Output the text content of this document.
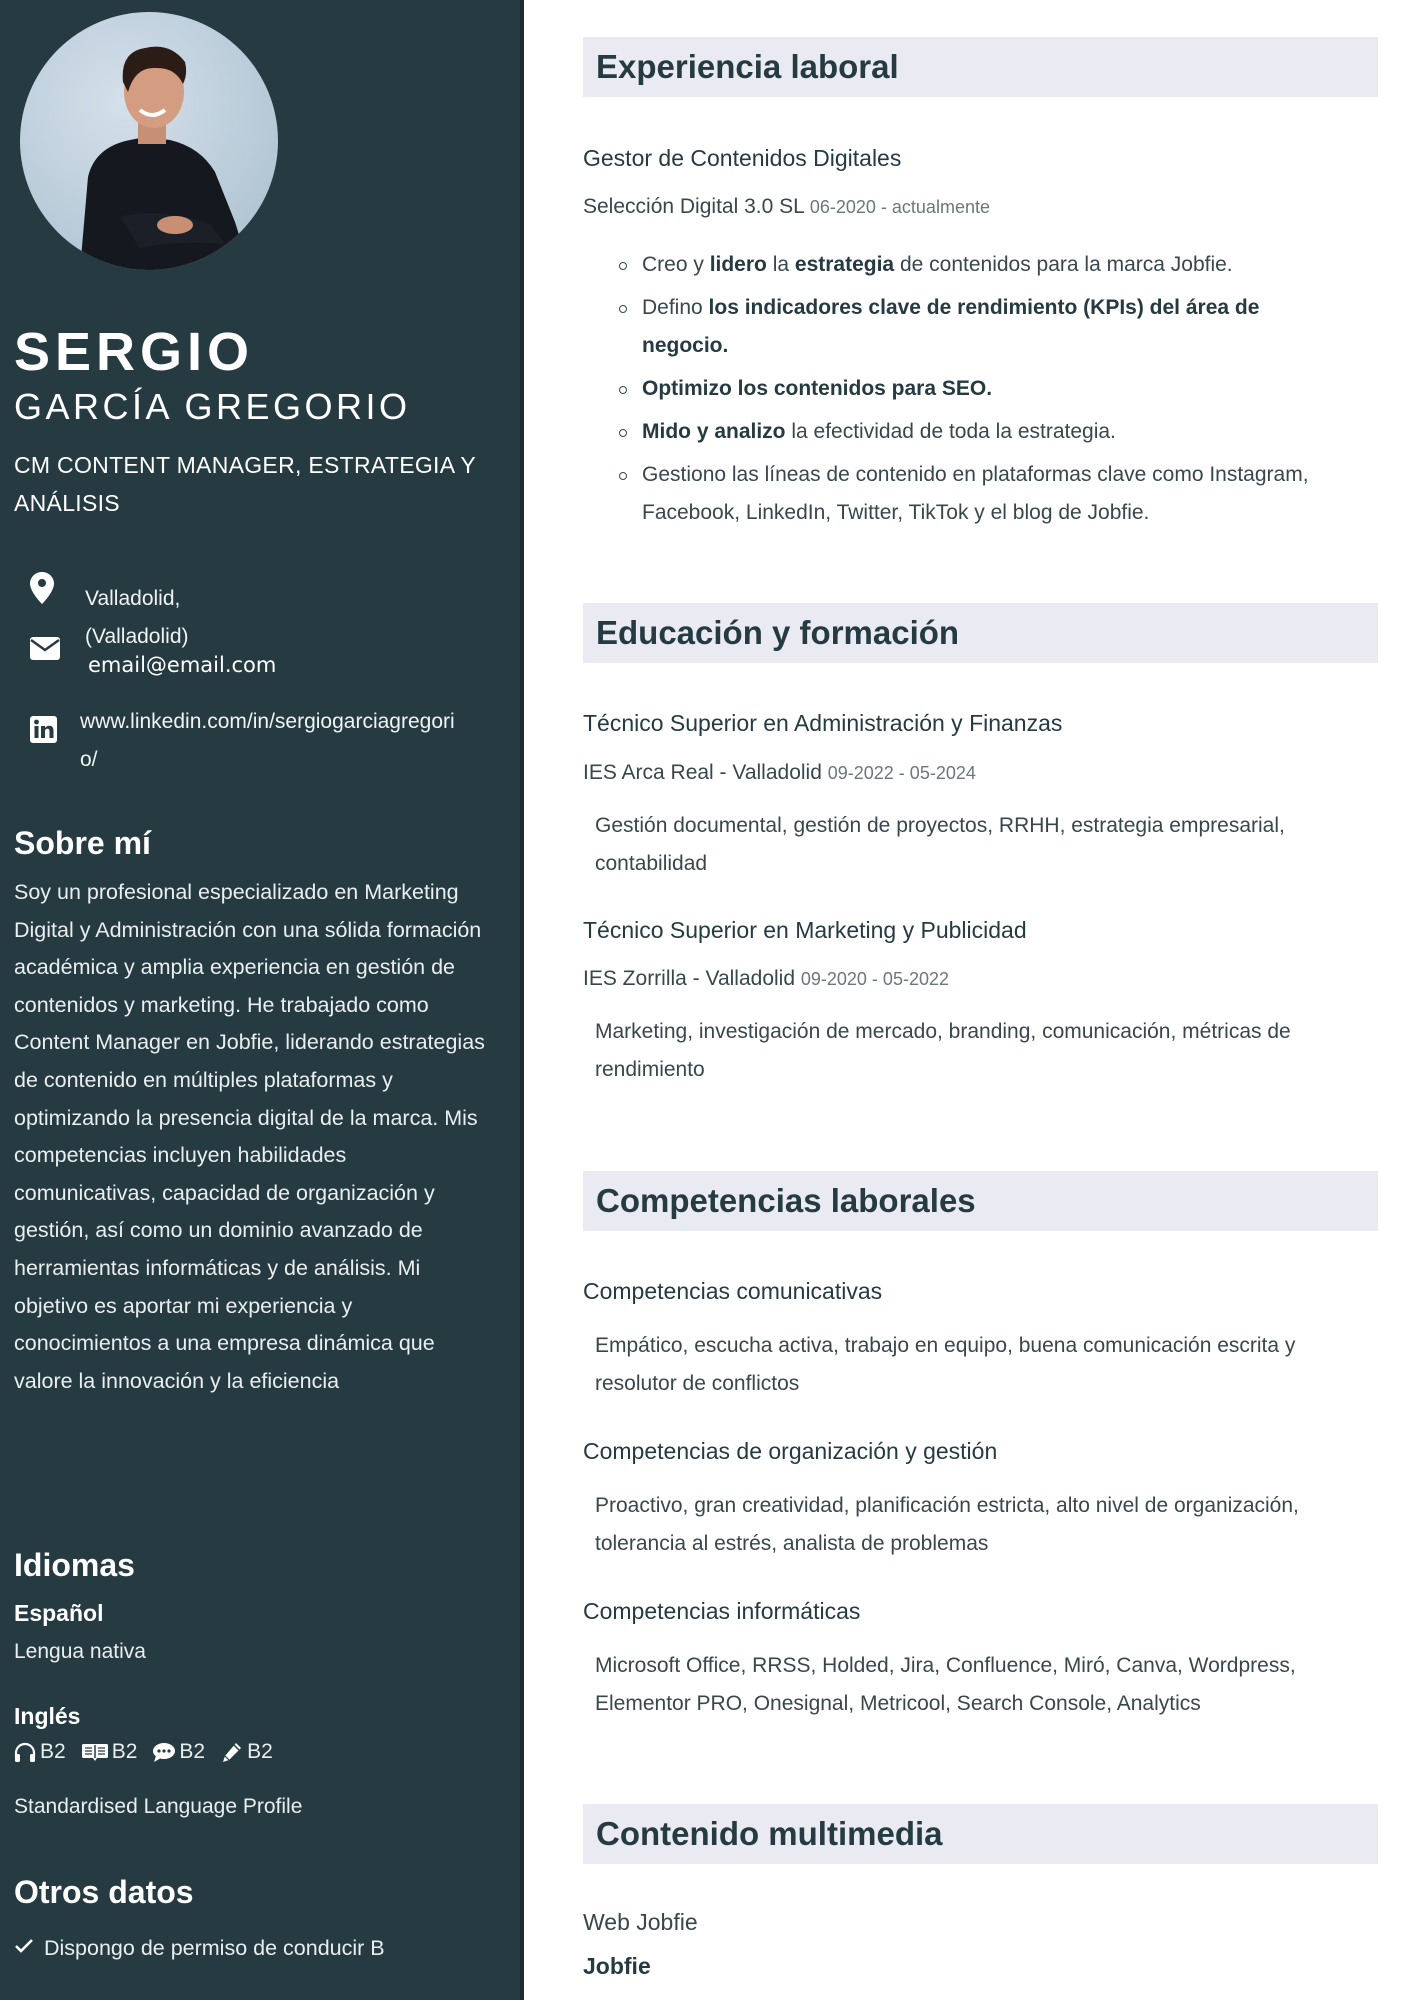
SERGIO
GARCÍA GREGORIO
CM CONTENT MANAGER, ESTRATEGIA Y ANÁLISIS
Valladolid, (Valladolid)
email@email.com
www.linkedin.com/in/sergiogarciagregorio/
Sobre mí
Soy un profesional especializado en Marketing Digital y Administración con una sólida formación académica y amplia experiencia en gestión de contenidos y marketing. He trabajado como Content Manager en Jobfie, liderando estrategias de contenido en múltiples plataformas y optimizando la presencia digital de la marca. Mis competencias incluyen habilidades comunicativas, capacidad de organización y gestión, así como un dominio avanzado de herramientas informáticas y de análisis. Mi objetivo es aportar mi experiencia y conocimientos a una empresa dinámica que valore la innovación y la eficiencia
Idiomas
Español
Lengua nativa
Inglés
B2 B2 B2 B2
Standardised Language Profile
Otros datos
Dispongo de permiso de conducir B
Experiencia laboral
Gestor de Contenidos Digitales
Selección Digital 3.0 SL 06-2020 - actualmente
Creo y lidero la estrategia de contenidos para la marca Jobfie.
Defino los indicadores clave de rendimiento (KPIs) del área de negocio.
Optimizo los contenidos para SEO.
Mido y analizo la efectividad de toda la estrategia.
Gestiono las líneas de contenido en plataformas clave como Instagram, Facebook, LinkedIn, Twitter, TikTok y el blog de Jobfie.
Educación y formación
Técnico Superior en Administración y Finanzas
IES Arca Real - Valladolid 09-2022 - 05-2024
Gestión documental, gestión de proyectos, RRHH, estrategia empresarial, contabilidad
Técnico Superior en Marketing y Publicidad
IES Zorrilla - Valladolid 09-2020 - 05-2022
Marketing, investigación de mercado, branding, comunicación, métricas de rendimiento
Competencias laborales
Competencias comunicativas
Empático, escucha activa, trabajo en equipo, buena comunicación escrita y resolutor de conflictos
Competencias de organización y gestión
Proactivo, gran creatividad, planificación estricta, alto nivel de organización, tolerancia al estrés, analista de problemas
Competencias informáticas
Microsoft Office, RRSS, Holded, Jira, Confluence, Miró, Canva, Wordpress, Elementor PRO, Onesignal, Metricool, Search Console, Analytics
Contenido multimedia
Web Jobfie
Jobfie
